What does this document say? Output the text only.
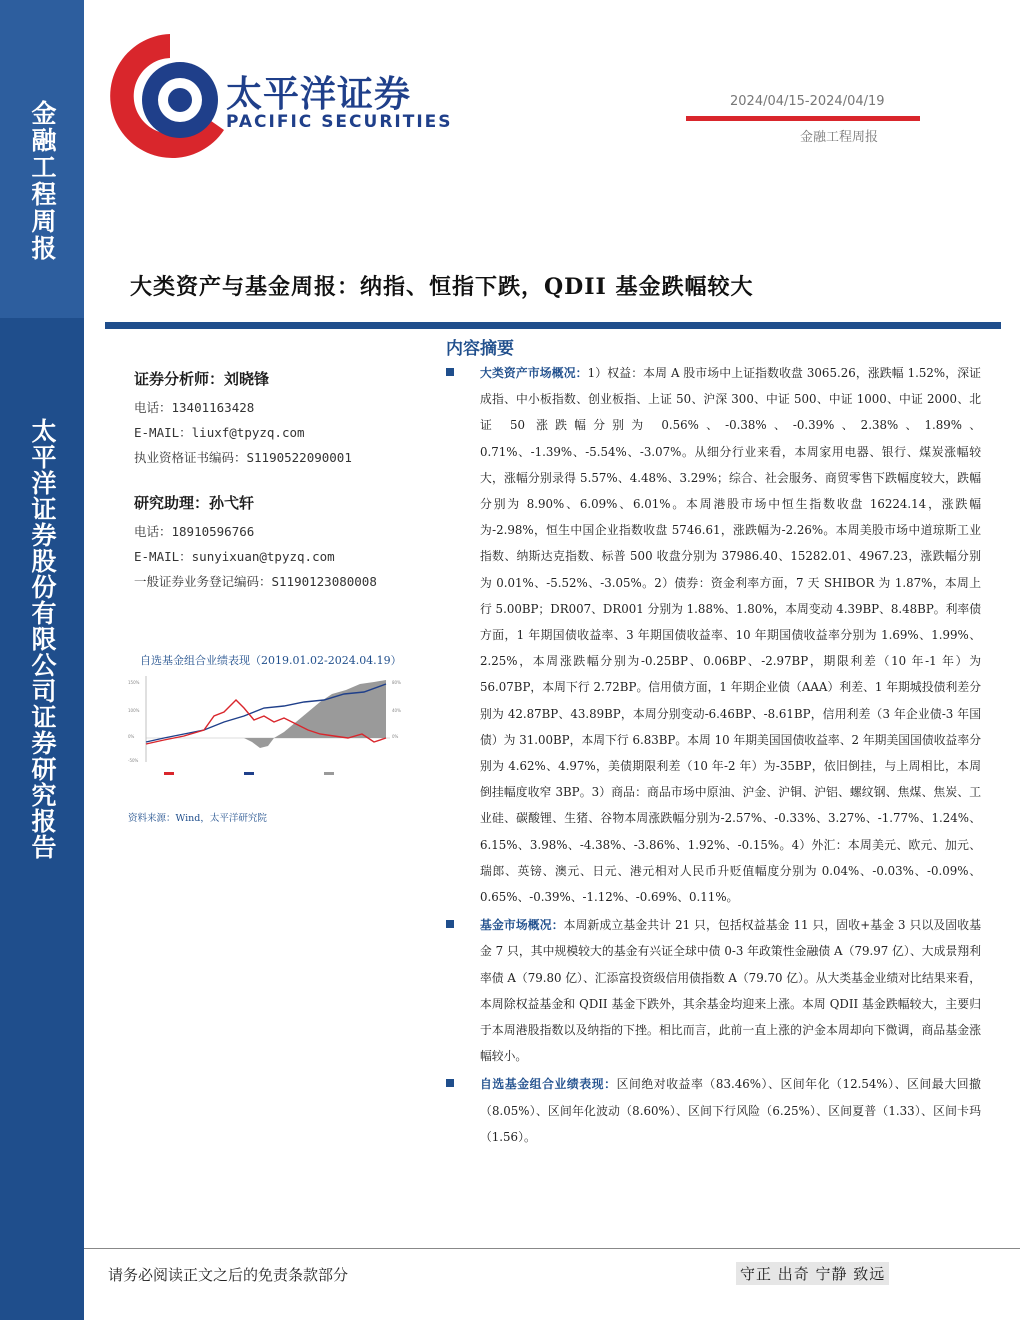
金融工程周报
太平洋证券股份有限公司证券研究报告
太平洋证券
PACIFIC SECURITIES
2024/04/15-2024/04/19
金融工程周报
大类资产与基金周报：纳指、恒指下跌，QDII 基金跌幅较大
证券分析师：刘晓锋
电话：13401163428
E-MAIL：liuxf@tpyzq.com
执业资格证书编码：S1190522090001
研究助理：孙弋轩
电话：18910596766
E-MAIL：sunyixuan@tpyzq.com
一般证券业务登记编码：S1190123080008
自选基金组合业绩表现（2019.01.02-2024.04.19）
150%
100%
0%
-50%
80%
40%
0%
资料来源：Wind，太平洋研究院
内容摘要
大类资产市场概况：1）权益：本周 A 股市场中上证指数收盘 3065.26，涨跌幅 1.52%，深证成指、中小板指数、创业板指、上证 50、沪深 300、中证 500、中证 1000、中证 2000、北证 50 涨跌幅分别为 0.56%、-0.38%、-0.39%、2.38%、1.89%、0.71%、-1.39%、-5.54%、-3.07%。从细分行业来看，本周家用电器、银行、煤炭涨幅较大，涨幅分别录得 5.57%、4.48%、3.29%；综合、社会服务、商贸零售下跌幅度较大，跌幅分别为 8.90%、6.09%、6.01%。本周港股市场中恒生指数收盘 16224.14，涨跌幅为-2.98%，恒生中国企业指数收盘 5746.61，涨跌幅为-2.26%。本周美股市场中道琼斯工业指数、纳斯达克指数、标普 500 收盘分别为 37986.40、15282.01、4967.23，涨跌幅分别为 0.01%、-5.52%、-3.05%。2）债券：资金利率方面，7 天 SHIBOR 为 1.87%，本周上行 5.00BP；DR007、DR001 分别为 1.88%、1.80%，本周变动 4.39BP、8.48BP。利率债方面，1 年期国债收益率、3 年期国债收益率、10 年期国债收益率分别为 1.69%、1.99%、2.25%，本周涨跌幅分别为-0.25BP、0.06BP、-2.97BP，期限利差（10 年-1 年）为 56.07BP，本周下行 2.72BP。信用债方面，1 年期企业债（AAA）利差、1 年期城投债利差分别为 42.87BP、43.89BP，本周分别变动-6.46BP、-8.61BP，信用利差（3 年企业债-3 年国债）为 31.00BP，本周下行 6.83BP。本周 10 年期美国国债收益率、2 年期美国国债收益率分别为 4.62%、4.97%，美债期限利差（10 年-2 年）为-35BP，依旧倒挂，与上周相比，本周倒挂幅度收窄 3BP。3）商品：商品市场中原油、沪金、沪铜、沪铝、螺纹钢、焦煤、焦炭、工业硅、碳酸锂、生猪、谷物本周涨跌幅分别为-2.57%、-0.33%、3.27%、-1.77%、1.24%、6.15%、3.98%、-4.38%、-3.86%、1.92%、-0.15%。4）外汇：本周美元、欧元、加元、瑞郎、英镑、澳元、日元、港元相对人民币升贬值幅度分别为 0.04%、-0.03%、-0.09%、0.65%、-0.39%、-1.12%、-0.69%、0.11%。
基金市场概况：本周新成立基金共计 21 只，包括权益基金 11 只，固收+基金 3 只以及固收基金 7 只，其中规模较大的基金有兴证全球中债 0-3 年政策性金融债 A（79.97 亿）、大成景翔利率债 A（79.80 亿）、汇添富投资级信用债指数 A（79.70 亿）。从大类基金业绩对比结果来看，本周除权益基金和 QDII 基金下跌外，其余基金均迎来上涨。本周 QDII 基金跌幅较大，主要归于本周港股指数以及纳指的下挫。相比而言，此前一直上涨的沪金本周却向下微调，商品基金涨幅较小。
自选基金组合业绩表现：区间绝对收益率（83.46%）、区间年化（12.54%）、区间最大回撤（8.05%）、区间年化波动（8.60%）、区间下行风险（6.25%）、区间夏普（1.33）、区间卡玛（1.56）。
请务必阅读正文之后的免责条款部分	守正 出奇 宁静 致远
